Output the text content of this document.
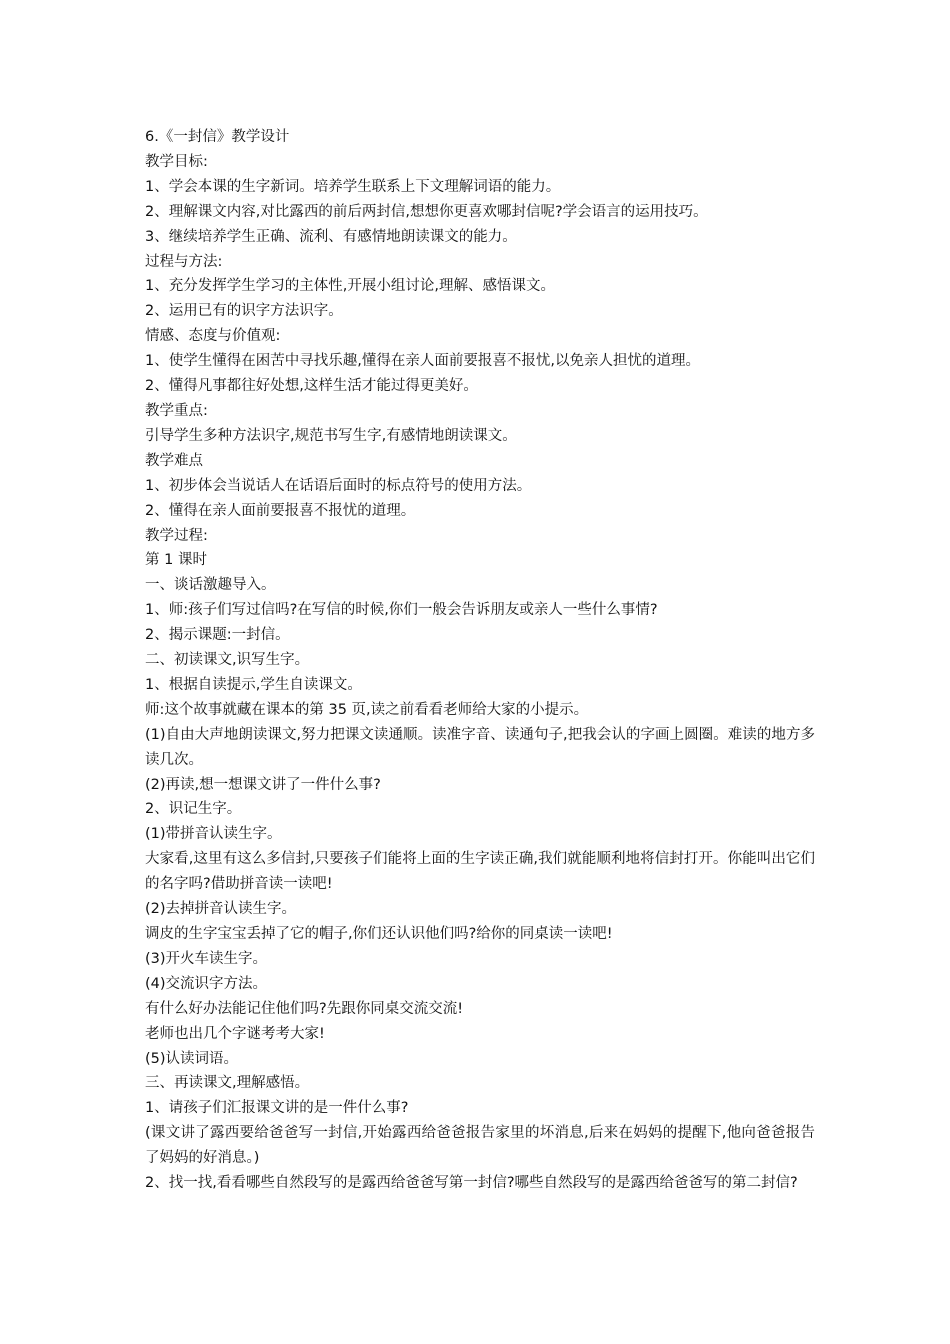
6.《一封信》教学设计

教学目标:

1、学会本课的生字新词。培养学生联系上下文理解词语的能力。

2、理解课文内容,对比露西的前后两封信,想想你更喜欢哪封信呢?学会语言的运用技巧。

3、继续培养学生正确、流利、有感情地朗读课文的能力。

过程与方法:

1、充分发挥学生学习的主体性,开展小组讨论,理解、感悟课文。

2、运用已有的识字方法识字。

情感、态度与价值观:

1、使学生懂得在困苦中寻找乐趣,懂得在亲人面前要报喜不报忧,以免亲人担忧的道理。

2、懂得凡事都往好处想,这样生活才能过得更美好。

教学重点:

引导学生多种方法识字,规范书写生字,有感情地朗读课文。

教学难点

1、初步体会当说话人在话语后面时的标点符号的使用方法。

2、懂得在亲人面前要报喜不报忧的道理。

教学过程:

第 1 课时

一、谈话激趣导入。

1、师:孩子们写过信吗?在写信的时候,你们一般会告诉朋友或亲人一些什么事情?

2、揭示课题:一封信。

二、初读课文,识写生字。

1、根据自读提示,学生自读课文。

师:这个故事就藏在课本的第 35 页,读之前看看老师给大家的小提示。

(1)自由大声地朗读课文,努力把课文读通顺。读准字音、读通句子,把我会认的字画上圆圈。难读的地方多读几次。

(2)再读,想一想课文讲了一件什么事?

2、识记生字。

(1)带拼音认读生字。

大家看,这里有这么多信封,只要孩子们能将上面的生字读正确,我们就能顺利地将信封打开。你能叫出它们的名字吗?借助拼音读一读吧!

(2)去掉拼音认读生字。

调皮的生字宝宝丢掉了它的帽子,你们还认识他们吗?给你的同桌读一读吧!

(3)开火车读生字。

(4)交流识字方法。

有什么好办法能记住他们吗?先跟你同桌交流交流!

老师也出几个字谜考考大家!

(5)认读词语。

三、再读课文,理解感悟。

1、请孩子们汇报课文讲的是一件什么事?

(课文讲了露西要给爸爸写一封信,开始露西给爸爸报告家里的坏消息,后来在妈妈的提醒下,他向爸爸报告了妈妈的好消息。)

2、找一找,看看哪些自然段写的是露西给爸爸写第一封信?哪些自然段写的是露西给爸爸写的第二封信?
